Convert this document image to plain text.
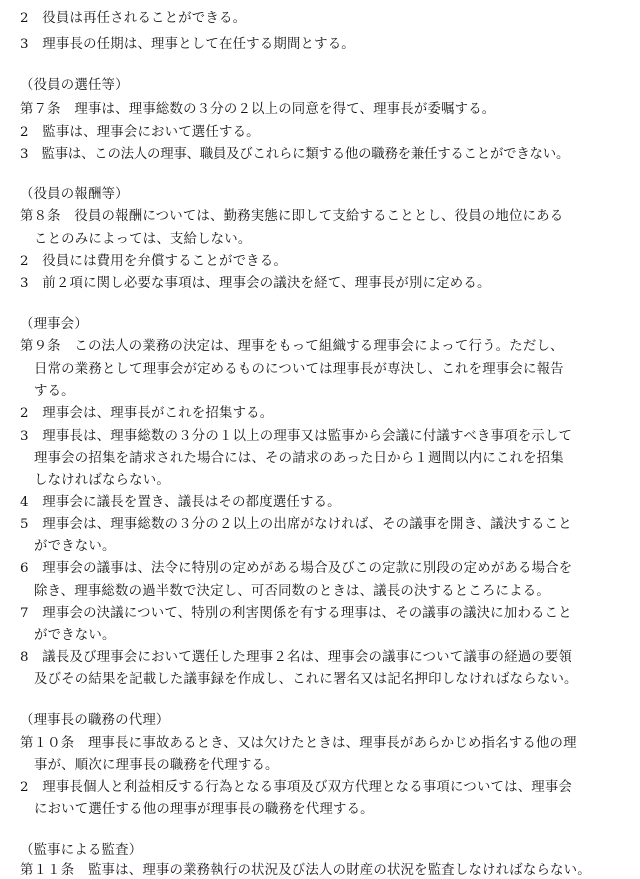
2　役員は再任されることができる。
3　理事長の任期は、理事として在任する期間とする。
（役員の選任等）
第７条　理事は、理事総数の３分の２以上の同意を得て、理事長が委嘱する。
2　監事は、理事会において選任する。
3　監事は、この法人の理事、職員及びこれらに類する他の職務を兼任することができない。
（役員の報酬等）
第８条　役員の報酬については、勤務実態に即して支給することとし、役員の地位にある
ことのみによっては、支給しない。
2　役員には費用を弁償することができる。
3　前２項に関し必要な事項は、理事会の議決を経て、理事長が別に定める。
（理事会）
第９条　この法人の業務の決定は、理事をもって組織する理事会によって行う。ただし、
日常の業務として理事会が定めるものについては理事長が専決し、これを理事会に報告
する。
2　理事会は、理事長がこれを招集する。
3　理事長は、理事総数の３分の１以上の理事又は監事から会議に付議すべき事項を示して
理事会の招集を請求された場合には、その請求のあった日から１週間以内にこれを招集
しなければならない。
4　理事会に議長を置き、議長はその都度選任する。
5　理事会は、理事総数の３分の２以上の出席がなければ、その議事を開き、議決すること
ができない。
6　理事会の議事は、法令に特別の定めがある場合及びこの定款に別段の定めがある場合を
除き、理事総数の過半数で決定し、可否同数のときは、議長の決するところによる。
7　理事会の決議について、特別の利害関係を有する理事は、その議事の議決に加わること
ができない。
8　議長及び理事会において選任した理事２名は、理事会の議事について議事の経過の要領
及びその結果を記載した議事録を作成し、これに署名又は記名押印しなければならない。
（理事長の職務の代理）
第１０条　理事長に事故あるとき、又は欠けたときは、理事長があらかじめ指名する他の理
事が、順次に理事長の職務を代理する。
2　理事長個人と利益相反する行為となる事項及び双方代理となる事項については、理事会
において選任する他の理事が理事長の職務を代理する。
（監事による監査）
第１１条　監事は、理事の業務執行の状況及び法人の財産の状況を監査しなければならない。
